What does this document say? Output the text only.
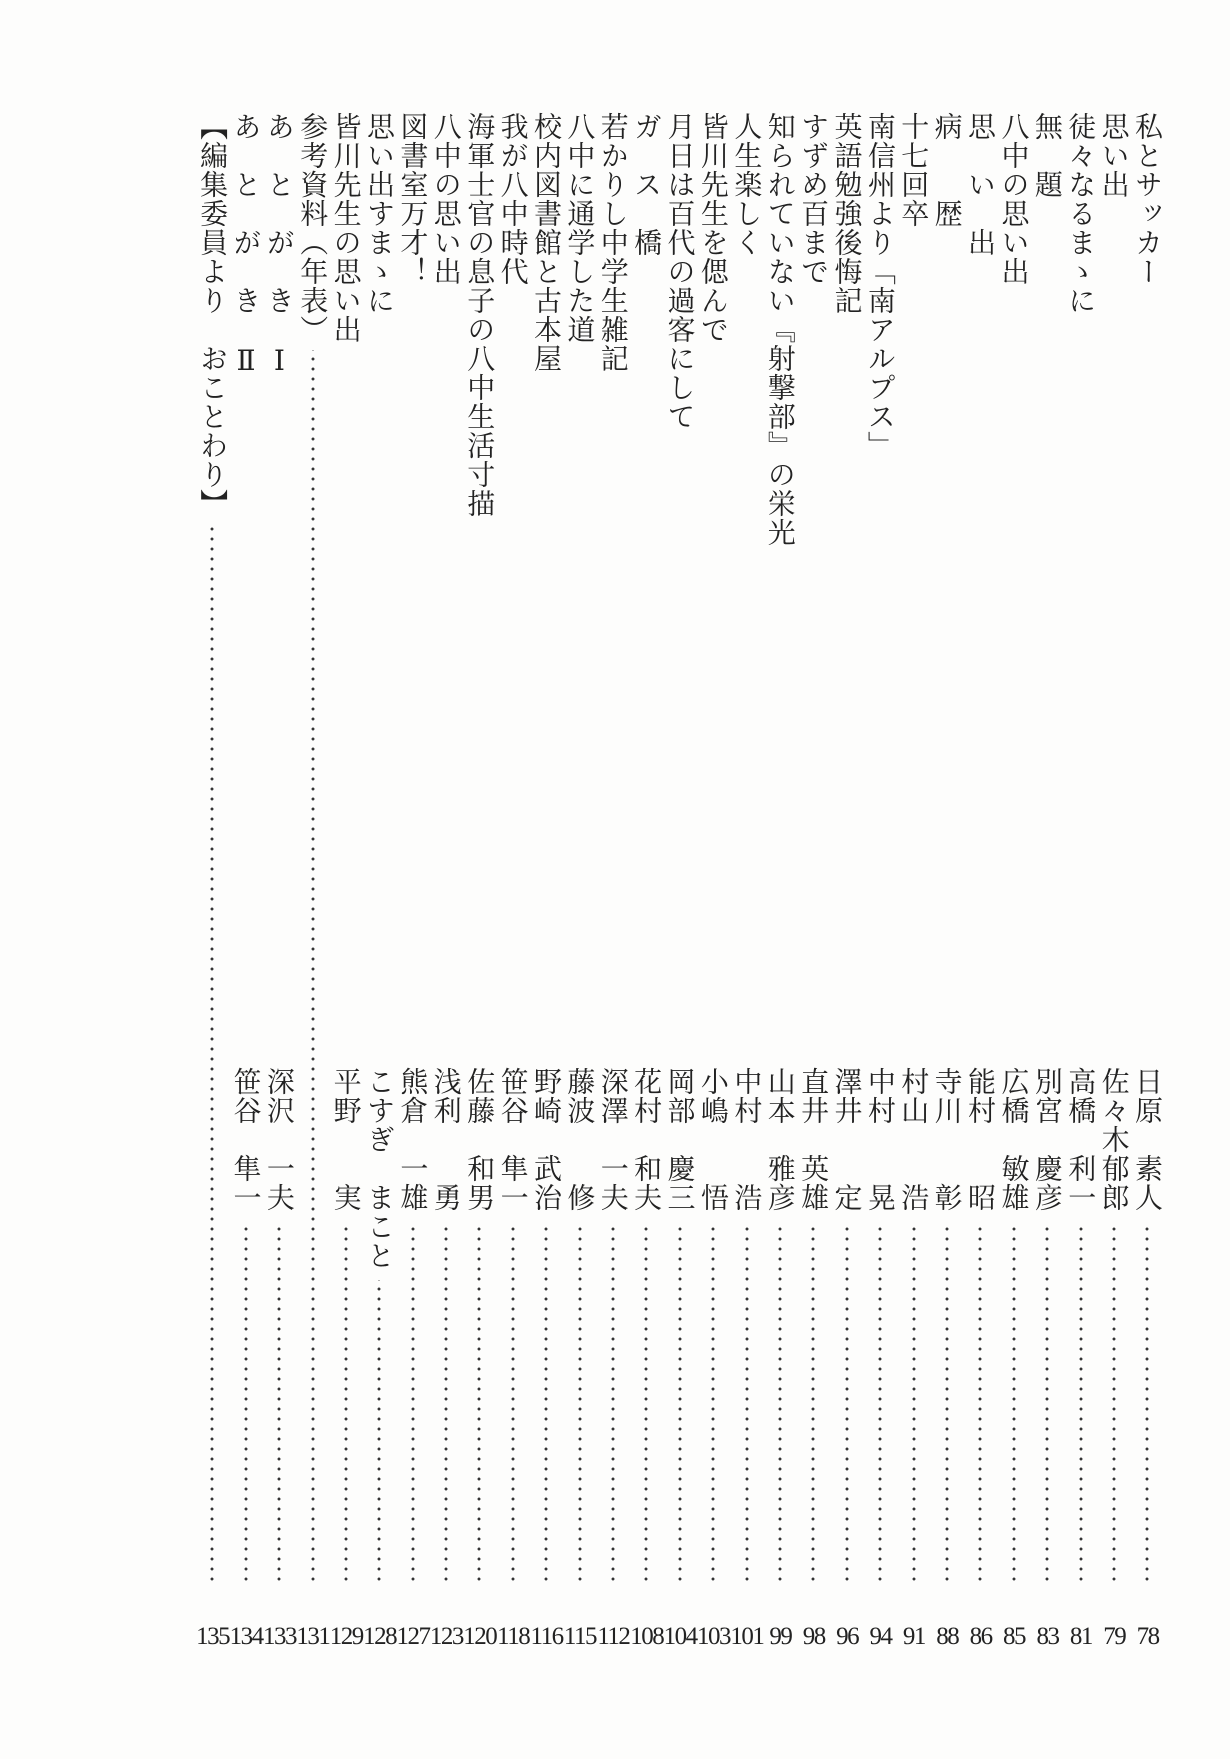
私とサッカー
日原　素人
78
思い出
佐々木郁郎
79
徒々なるまゝに
高橋　利一
81
無　題
別宮　慶彦
83
八中の思い出
広橋　敏雄
85
思　い　出
能村　　昭
86
病　　歴
寺川　　彰
88
十七回卒
村山　　浩
91
南信州より「南アルプス」
中村　　晃
94
英語勉強後悔記
澤井　　定
96
すずめ百まで
直井　英雄
98
知られていない『射撃部』の栄光
山本　雅彦
99
人生楽しく
中村　　浩
101
皆川先生を偲んで
小嶋　　悟
103
月日は百代の過客にして
岡部　慶三
104
ガ　ス　橋
花村　和夫
108
若かりし中学生雑記
深澤　一夫
112
八中に通学した道
藤波　　修
115
校内図書館と古本屋
野崎　武治
116
我が八中時代
笹谷　隼一
118
海軍士官の息子の八中生活寸描
佐藤　和男
120
八中の思い出
浅利　　勇
123
図書室万才！
熊倉　一雄
127
思い出すまゝに
こすぎ　まこと
128
皆川先生の思い出
平野　　実
129
参考資料（年表）
131
あ　と　が　き　Ⅰ
深沢　一夫
133
あ　と　が　き　Ⅱ
笹谷　隼一
134
【編集委員より　おことわり】
135
